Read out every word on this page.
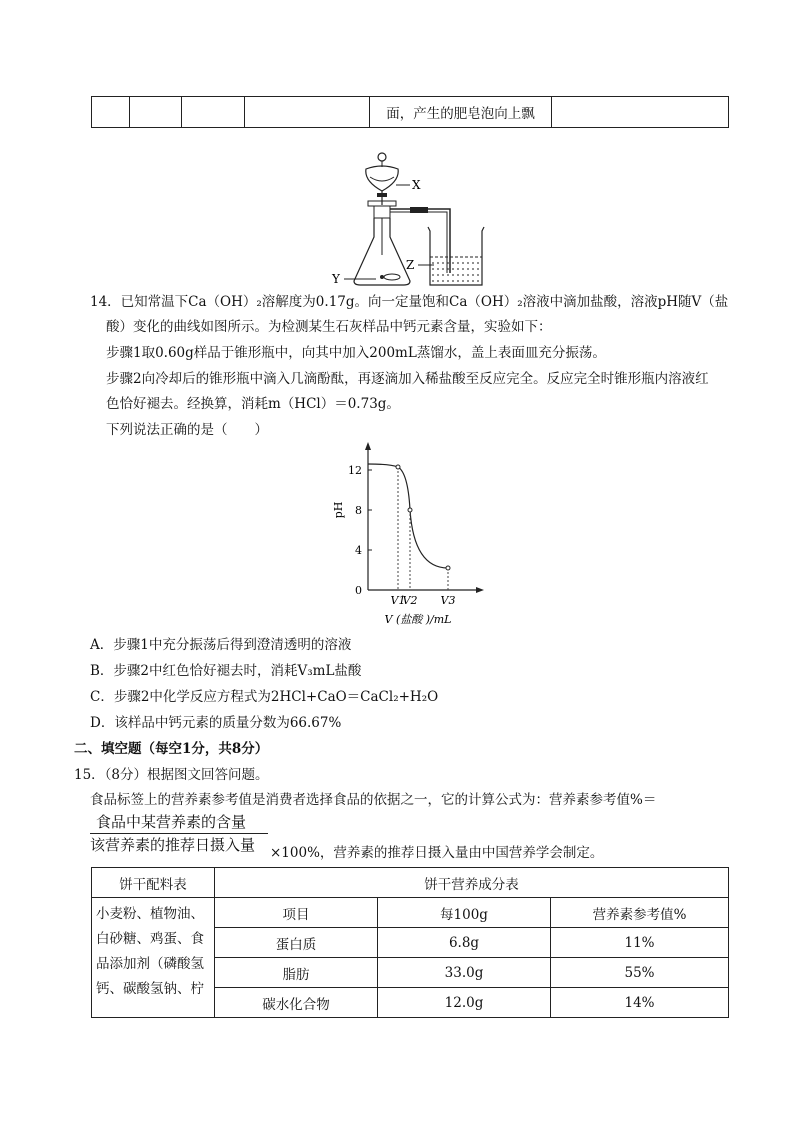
				面，产生的肥皂泡向上飘	
X
Y
Z
14．已知常温下Ca（OH）₂溶解度为0.17g。向一定量饱和Ca（OH）₂溶液中滴加盐酸，溶液pH随V（盐
酸）变化的曲线如图所示。为检测某生石灰样品中钙元素含量，实验如下：
步骤1取0.60g样品于锥形瓶中，向其中加入200mL蒸馏水，盖上表面皿充分振荡。
步骤2向冷却后的锥形瓶中滴入几滴酚酞，再逐滴加入稀盐酸至反应完全。反应完全时锥形瓶内溶液红
色恰好褪去。经换算，消耗m（HCl）＝0.73g。
下列说法正确的是（　　）
0
4
8
12
V1
V2 V3
pH
V (盐酸 )/mL
A．步骤1中充分振荡后得到澄清透明的溶液
B．步骤2中红色恰好褪去时，消耗V₃mL盐酸
C．步骤2中化学反应方程式为2HCl+CaO＝CaCl₂+H₂O
D．该样品中钙元素的质量分数为66.67%
二、填空题（每空1分，共8分）
15．（8分）根据图文回答问题。
食品标签上的营养素参考值是消费者选择食品的依据之一，它的计算公式为：营养素参考值%＝
食品中某营养素的含量
该营养素的推荐日摄入量	×100%，营养素的推荐日摄入量由中国营养学会制定。
饼干配料表	饼干营养成分表		

小麦粉、植物油、
白砂糖、鸡蛋、食
品添加剂（磷酸氢
钙、碳酸氢钠、柠	项目	每100g	营养素参考值%
	蛋白质	6.8g	11%
	脂肪	33.0g	55%
	碳水化合物	12.0g	14%
